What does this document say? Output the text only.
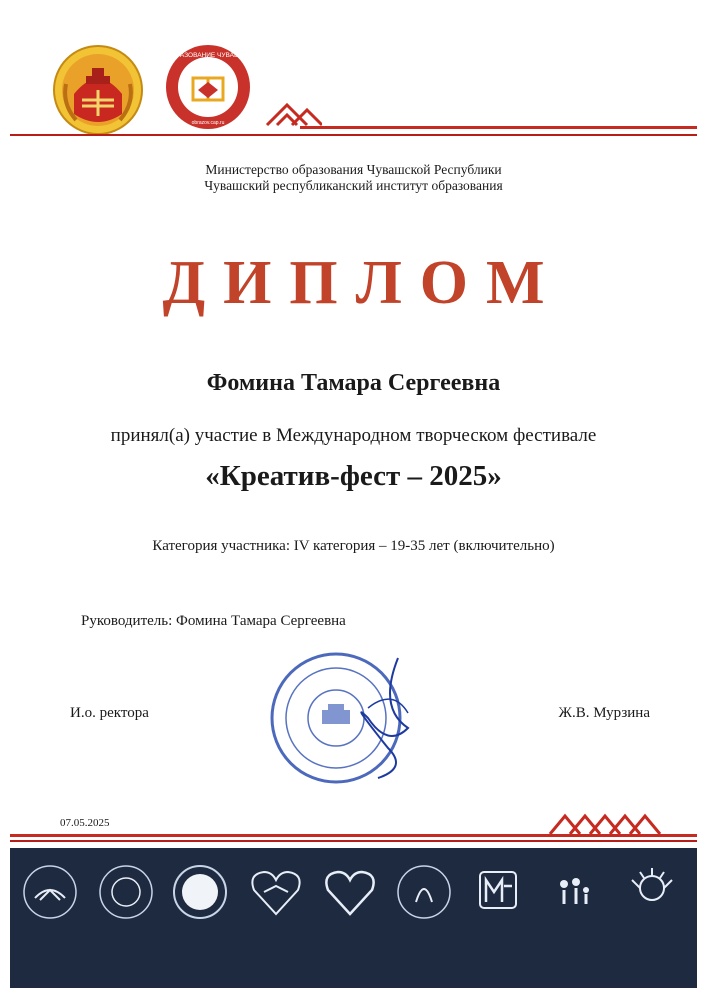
ОБРАЗОВАНИЕ ЧУВАШИИ
obrazov.cap.ru
Министерство образования Чувашской Республики
Чувашский республиканский институт образования
ДИПЛОМ
Фомина Тамара Сергеевна
принял(а) участие в Международном творческом фестивале
«Креатив-фест – 2025»
Категория участника: IV категория – 19-35 лет (включительно)
Руководитель: Фомина Тамара Сергеевна
И.о. ректора	Ж.В. Мурзина
07.05.2025
